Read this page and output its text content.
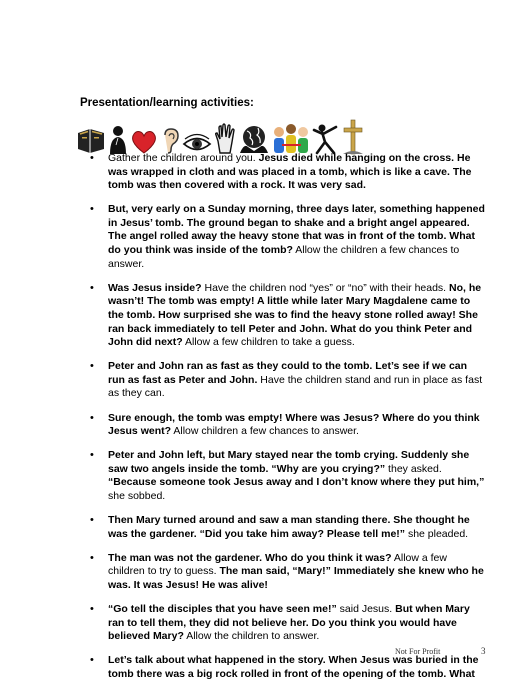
Presentation/learning activities:
• Gather the children around you. Jesus died while hanging on the cross. He was wrapped in cloth and was placed in a tomb, which is like a cave. The tomb was then covered with a rock. It was very sad.
• But, very early on a Sunday morning, three days later, something happened in Jesus’ tomb. The ground began to shake and a bright angel appeared. The angel rolled away the heavy stone that was in front of the tomb. What do you think was inside of the tomb? Allow the children a few chances to answer.
• Was Jesus inside? Have the children nod “yes” or “no” with their heads. No, he wasn’t! The tomb was empty! A little while later Mary Magdalene came to the tomb. How surprised she was to find the heavy stone rolled away! She ran back immediately to tell Peter and John. What do you think Peter and John did next? Allow a few children to take a guess.
• Peter and John ran as fast as they could to the tomb. Let’s see if we can run as fast as Peter and John. Have the children stand and run in place as fast as they can.
• Sure enough, the tomb was empty! Where was Jesus? Where do you think Jesus went? Allow children a few chances to answer.
• Peter and John left, but Mary stayed near the tomb crying. Suddenly she saw two angels inside the tomb. “Why are you crying?” they asked. “Because someone took Jesus away and I don’t know where they put him,” she sobbed.
• Then Mary turned around and saw a man standing there. She thought he was the gardener. “Did you take him away? Please tell me!” she pleaded.
• The man was not the gardener. Who do you think it was? Allow a few children to try to guess. The man said, “Mary!” Immediately she knew who he was. It was Jesus! He was alive!
• “Go tell the disciples that you have seen me!” said Jesus. But when Mary ran to tell them, they did not believe her. Do you think you would have believed Mary? Allow the children to answer.
• Let’s talk about what happened in the story. When Jesus was buried in the tomb there was a big rock rolled in front of the opening of the tomb. What
Not For Profit	3
